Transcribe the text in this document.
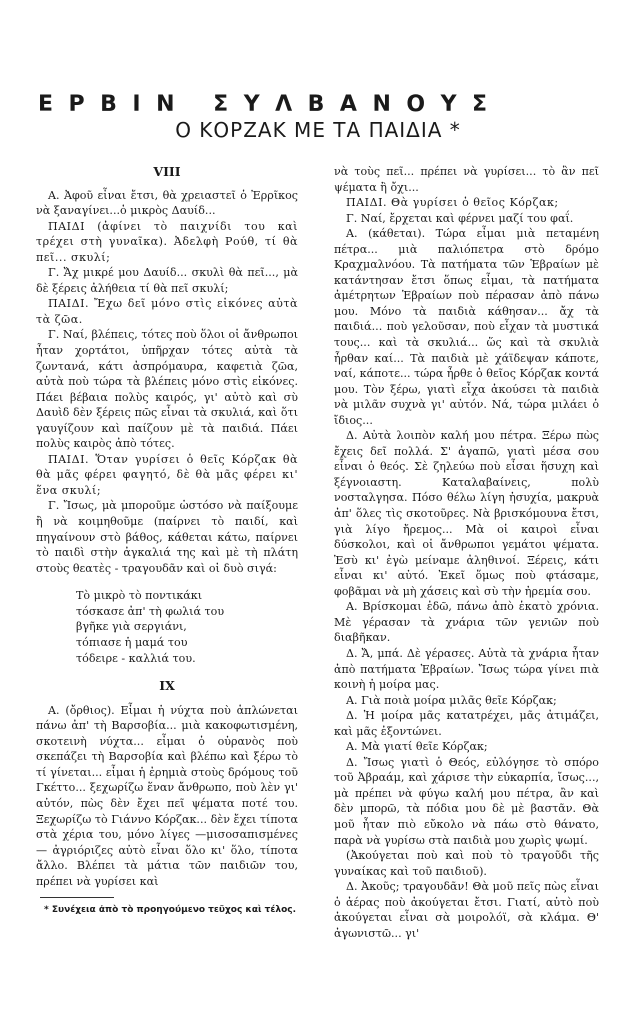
ΕΡΒΙΝ ΣΥΛΒΑΝΟΥΣ
Ο ΚΟΡΖΑΚ ΜΕ ΤΑ ΠΑΙΔΙΑ *
VIII

Α. Ἀφοῦ εἶναι ἔτσι, θὰ χρειαστεῖ ὁ Ἐρρῖκος νὰ ξαναγίνει...ὁ μικρὸς Δαυίδ...

ΠΑΙΔΙ (ἀφίνει τὸ παιχνίδι του καὶ τρέχει στὴ γυναῖκα). Ἀδελφὴ Ρούθ, τί θὰ πεῖ... σκυλί;

Γ. Ἄχ μικρέ μου Δαυίδ... σκυλὶ θὰ πεῖ..., μὰ δὲ ξέρεις ἀλήθεια τί θὰ πεῖ σκυλί;

ΠΑΙΔΙ. Ἔχω δεῖ μόνο στὶς εἰκόνες αὐτὰ τὰ ζῶα.

Γ. Ναί, βλέπεις, τότες ποὺ ὅλοι οἱ ἄνθρωποι ἦταν χορτάτοι, ὑπῆρχαν τότες αὐτὰ τὰ ζωντανά, κάτι ἀσπρόμαυρα, καφετιὰ ζῶα, αὐτὰ ποὺ τώρα τὰ βλέπεις μόνο στὶς εἰκόνες. Πάει βέβαια πολὺς καιρός, γι' αὐτὸ καὶ σὺ Δαυὶδ δὲν ξέρεις πῶς εἶναι τὰ σκυλιά, καὶ ὅτι γαυγίζουν καὶ παίζουν μὲ τὰ παιδιά. Πάει πολὺς καιρὸς ἀπὸ τότες.

ΠΑΙΔΙ. Ὅταν γυρίσει ὁ θεῖς Κόρζακ θὰ θὰ μᾶς φέρει φαγητό, δὲ θὰ μᾶς φέρει κι' ἕνα σκυλί;

Γ. Ἴσως, μὰ μποροῦμε ὡστόσο νὰ παίξουμε ἢ νὰ κοιμηθοῦμε (παίρνει τὸ παιδί, καὶ πηγαίνουν στὸ βάθος, κάθεται κάτω, παίρνει τὸ παιδὶ στὴν ἀγκαλιά της καὶ μὲ τὴ πλάτη στοὺς θεατὲς - τραγουδᾶν καὶ οἱ δυὸ σιγά:

Τὸ μικρὸ τὸ ποντικάκι
τόσκασε ἀπ' τὴ φωλιά του
βγῆκε γιὰ σεργιάνι,
τόπιασε ἡ μαμά του
τόδειρε - καλλιά του.
IX

Α. (ὄρθιος). Εἶμαι ἡ νύχτα ποὺ ἁπλώνεται πάνω ἀπ' τὴ Βαρσοβία... μιὰ κακοφωτισμένη, σκοτεινὴ νύχτα... εἶμαι ὁ οὐρανὸς ποὺ σκεπάζει τὴ Βαρσοβία καὶ βλέπω καὶ ξέρω τὸ τί γίνεται... εἶμαι ἡ ἐρημιὰ στοὺς δρόμους τοῦ Γκέττο... ξεχωρίζω ἕναν ἄνθρωπο, ποὺ λὲν γι' αὐτόν, πὼς δὲν ἔχει πεῖ ψέματα ποτέ του. Ξεχωρίζω τὸ Γιάννο Κόρζακ... δὲν ἔχει τίποτα στὰ χέρια του, μόνο λίγες —μισοσαπισμένες— ἀγριόριζες αὐτὸ εἶναι ὅλο κι' ὅλο, τίποτα ἄλλο. Βλέπει τὰ μάτια τῶν παιδιῶν του, πρέπει νὰ γυρίσει καὶ

* Συνέχεια ἀπὸ τὸ προηγούμενο τεῦχος καὶ τέλος.

νὰ τοὺς πεῖ... πρέπει νὰ γυρίσει... τὸ ἂν πεῖ ψέματα ἢ ὄχι...

ΠΑΙΔΙ. Θὰ γυρίσει ὁ θεῖος Κόρζακ;

Γ. Ναί, ἔρχεται καὶ φέρνει μαζί του φαΐ.

Α. (κάθεται). Τώρα εἶμαι μιὰ πεταμένη πέτρα... μιὰ παλιόπετρα στὸ δρόμο Κραχμαλνόου. Τὰ πατήματα τῶν Ἑβραίων μὲ κατάντησαν ἔτσι ὅπως εἶμαι, τὰ πατήματα ἀμέτρητων Ἑβραίων ποὺ πέρασαν ἀπὸ πάνω μου. Μόνο τὰ παιδιὰ κάθησαν... ἄχ τὰ παιδιά... ποὺ γελοῦσαν, ποὺ εἶχαν τὰ μυστικά τους... καὶ τὰ σκυλιά... ὥς καὶ τὰ σκυλιὰ ἦρθαν καί... Τὰ παιδιὰ μὲ χάϊδεψαν κάποτε, ναί, κάποτε... τώρα ἦρθε ὁ θεῖος Κόρζακ κοντά μου. Τὸν ξέρω, γιατὶ εἶχα ἀκούσει τὰ παιδιὰ νὰ μιλᾶν συχνὰ γι' αὐτόν. Νά, τώρα μιλάει ὁ ἴδιος...

Δ. Αὐτὰ λοιπὸν καλή μου πέτρα. Ξέρω πὼς ἔχεις δεῖ πολλά. Σ' ἀγαπῶ, γιατὶ μέσα σου εἶναι ὁ θεός. Σὲ ζηλεύω ποὺ εἶσαι ἥσυχη καὶ ξέγνοιαστη. Καταλαβαίνεις, πολὺ νοσταλγησα. Πόσο θέλω λίγη ἡσυχία, μακρυὰ ἀπ' ὅλες τὶς σκοτοῦρες. Νὰ βρισκόμουνα ἔτσι, γιὰ λίγο ἤρεμος... Μὰ οἱ καιροὶ εἶναι δύσκολοι, καὶ οἱ ἄνθρωποι γεμάτοι ψέματα. Ἐσὺ κι' ἐγὼ μείναμε ἀληθινοί. Ξέρεις, κάτι εἶναι κι' αὐτό. Ἐκεῖ ὅμως ποὺ φτάσαμε, φοβᾶμαι νὰ μὴ χάσεις καὶ σὺ τὴν ἠρεμία σου.

Α. Βρίσκομαι ἐδῶ, πάνω ἀπὸ ἑκατὸ χρόνια. Μὲ γέρασαν τὰ χνάρια τῶν γενιῶν ποὺ διαβῆκαν.

Δ. Ἄ, μπά. Δὲ γέρασες. Αὐτὰ τὰ χνάρια ἦταν ἀπὸ πατήματα Ἑβραίων. Ἴσως τώρα γίνει πιὰ κοινὴ ἡ μοίρα μας.

Α. Γιὰ ποιὰ μοίρα μιλᾶς θεῖε Κόρζακ;

Δ. Ἡ μοίρα μᾶς κατατρέχει, μᾶς ἀτιμάζει, καὶ μᾶς ἐξοντώνει.

Α. Μὰ γιατί θεῖε Κόρζακ;

Δ. Ἴσως γιατὶ ὁ Θεός, εὐλόγησε τὸ σπόρο τοῦ Ἀβραάμ, καὶ χάρισε τὴν εὐκαρπία, ἴσως..., μὰ πρέπει νὰ φύγω καλή μου πέτρα, ἂν καὶ δὲν μπορῶ, τὰ πόδια μου δὲ μὲ βαστᾶν. Θὰ μοῦ ἦταν πιὸ εὔκολο νὰ πάω στὸ θάνατο, παρὰ νὰ γυρίσω στὰ παιδιὰ μου χωρὶς ψωμί.

(Ἀκούγεται ποὺ καὶ ποὺ τὸ τραγοῦδι τῆς γυναίκας καὶ τοῦ παιδιοῦ).

Δ. Ἀκοῦς; τραγουδᾶν! Θὰ μοῦ πεῖς πὼς εἶναι ὁ ἀέρας ποὺ ἀκούγεται ἔτσι. Γιατί, αὐτὸ ποὺ ἀκούγεται εἶναι σὰ μοιρολόϊ, σὰ κλάμα. Θ' ἀγωνιστῶ... γι'
